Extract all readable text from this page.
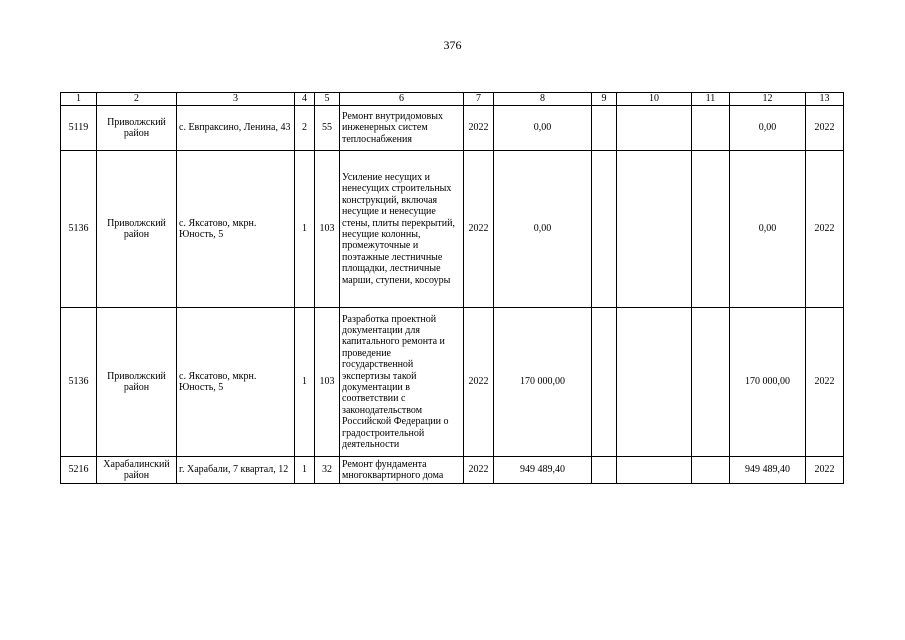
376
1	2	3	4	5	6	7	8	9	10	11	12	13
5119	Приволжский район	с. Евпраксино, Ленина, 43	2	55	Ремонт внутридомовых инженерных систем теплоснабжения	2022	0,00				0,00	2022
5136	Приволжский район	с. Яксатово, мкрн. Юность, 5	1	103	Усиление несущих и ненесущих строительных конструкций, включая несущие и ненесущие стены, плиты перекрытий, несущие колонны, промежуточные и поэтажные лестничные площадки, лестничные марши, ступени, косоуры	2022	0,00				0,00	2022
5136	Приволжский район	с. Яксатово, мкрн. Юность, 5	1	103	Разработка проектной документации для капитального ремонта и проведение государственной экспертизы такой документации в соответствии с законодательством Российской Федерации о градостроительной деятельности	2022	170 000,00				170 000,00	2022
5216	Харабалинский район	г. Харабали, 7 квартал, 12	1	32	Ремонт фундамента многоквартирного дома	2022	949 489,40				949 489,40	2022
